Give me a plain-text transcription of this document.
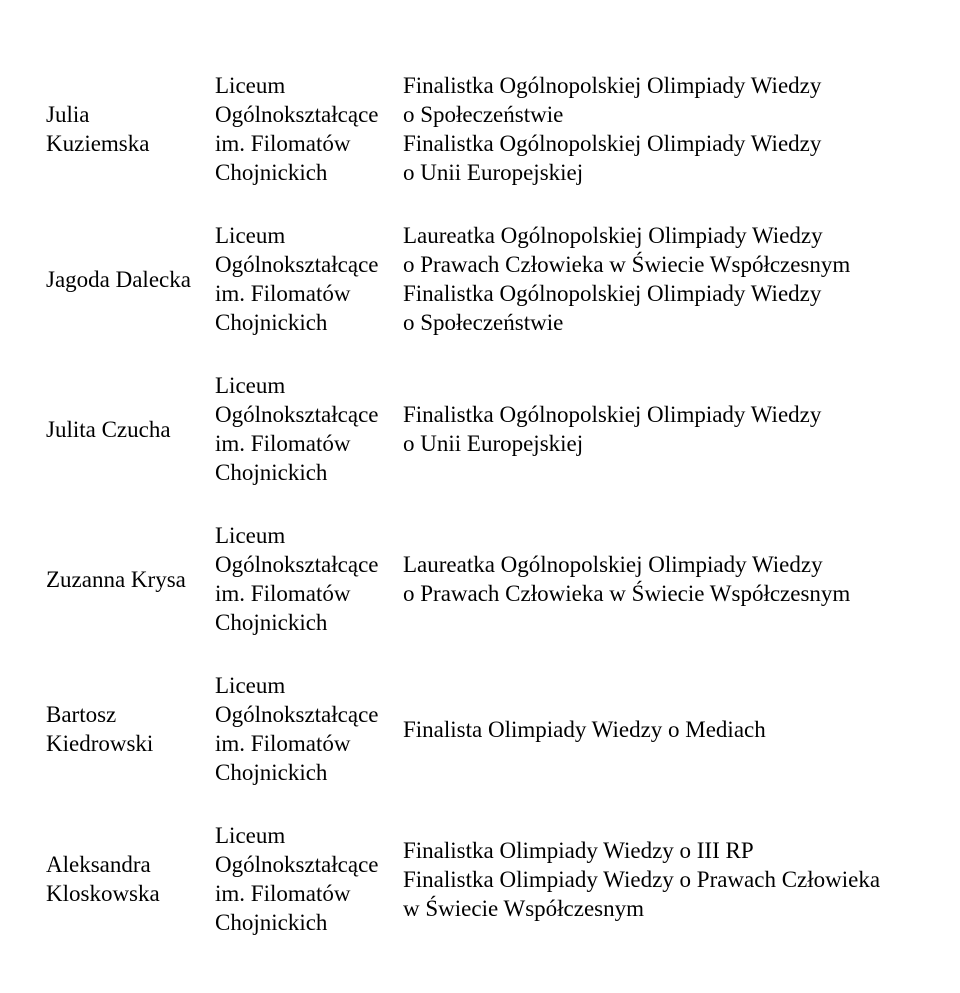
Julia
Kuziemska
Liceum
Ogólnokształcące
im. Filomatów
Chojnickich
Finalistka Ogólnopolskiej Olimpiady Wiedzy
o Społeczeństwie
Finalistka Ogólnopolskiej Olimpiady Wiedzy
o Unii Europejskiej
Jagoda Dalecka
Liceum
Ogólnokształcące
im. Filomatów
Chojnickich
Laureatka Ogólnopolskiej Olimpiady Wiedzy
o Prawach Człowieka w Świecie Współczesnym
Finalistka Ogólnopolskiej Olimpiady Wiedzy
o Społeczeństwie
Julita Czucha
Liceum
Ogólnokształcące
im. Filomatów
Chojnickich
Finalistka Ogólnopolskiej Olimpiady Wiedzy
o Unii Europejskiej
Zuzanna Krysa
Liceum
Ogólnokształcące
im. Filomatów
Chojnickich
Laureatka Ogólnopolskiej Olimpiady Wiedzy
o Prawach Człowieka w Świecie Współczesnym
Bartosz
Kiedrowski
Liceum
Ogólnokształcące
im. Filomatów
Chojnickich
Finalista Olimpiady Wiedzy o Mediach
Aleksandra
Kloskowska
Liceum
Ogólnokształcące
im. Filomatów
Chojnickich
Finalistka Olimpiady Wiedzy o III RP
Finalistka Olimpiady Wiedzy o Prawach Człowieka
w Świecie Współczesnym
